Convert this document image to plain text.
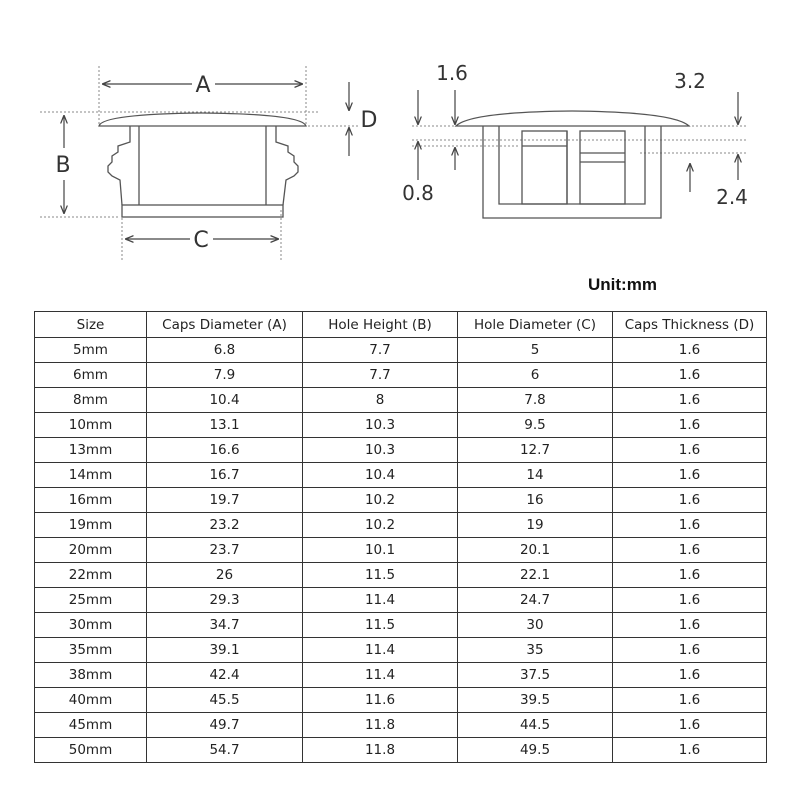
A
B
C
D
1.6	3.2
0.8	2.4
Unit:mm
Size	Caps Diameter (A)	Hole Height (B)	Hole Diameter (C)	Caps Thickness (D)
5mm	6.8	7.7	5	1.6
6mm	7.9	7.7	6	1.6
8mm	10.4	8	7.8	1.6
10mm	13.1	10.3	9.5	1.6
13mm	16.6	10.3	12.7	1.6
14mm	16.7	10.4	14	1.6
16mm	19.7	10.2	16	1.6
19mm	23.2	10.2	19	1.6
20mm	23.7	10.1	20.1	1.6
22mm	26	11.5	22.1	1.6
25mm	29.3	11.4	24.7	1.6
30mm	34.7	11.5	30	1.6
35mm	39.1	11.4	35	1.6
38mm	42.4	11.4	37.5	1.6
40mm	45.5	11.6	39.5	1.6
45mm	49.7	11.8	44.5	1.6
50mm	54.7	11.8	49.5	1.6
